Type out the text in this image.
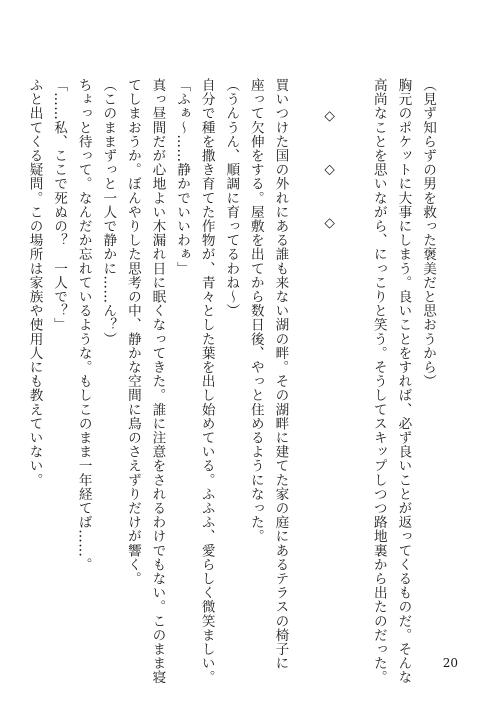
（見ず知らずの男を救った褒美だと思おうから）
胸元のポケットに大事にしまう。良いことをすれば、必ず良いことが返ってくるものだ。そんな
高尚なことを思いながら、にっこりと笑う。そうしてスキップしつつ路地裏から出たのだった。
◇　◇　◇
買いつけた国の外れにある誰も来ない湖の畔。その湖畔に建てた家の庭にあるテラスの椅子に
座って欠伸をする。屋敷を出てから数日後、やっと住めるようになった。
（うんうん、順調に育ってるわね～）
自分で種を撒き育てた作物が、青々とした葉を出し始めている。ふふふ、愛らしく微笑ましい。
「ふぁ～……静かでいいわぁ」
真っ昼間だが心地よい木漏れ日に眠くなってきた。誰に注意をされるわけでもない。このまま寝
てしまおうか。ぼんやりした思考の中、静かな空間に鳥のさえずりだけが響く。
（このままずっと一人で静かに……ん？）
ちょっと待って。なんだか忘れているような。もしこのまま一年経てば……。
「……私、ここで死ぬの？　一人で？」
ふと出てくる疑問。この場所は家族や使用人にも教えていない。
20
